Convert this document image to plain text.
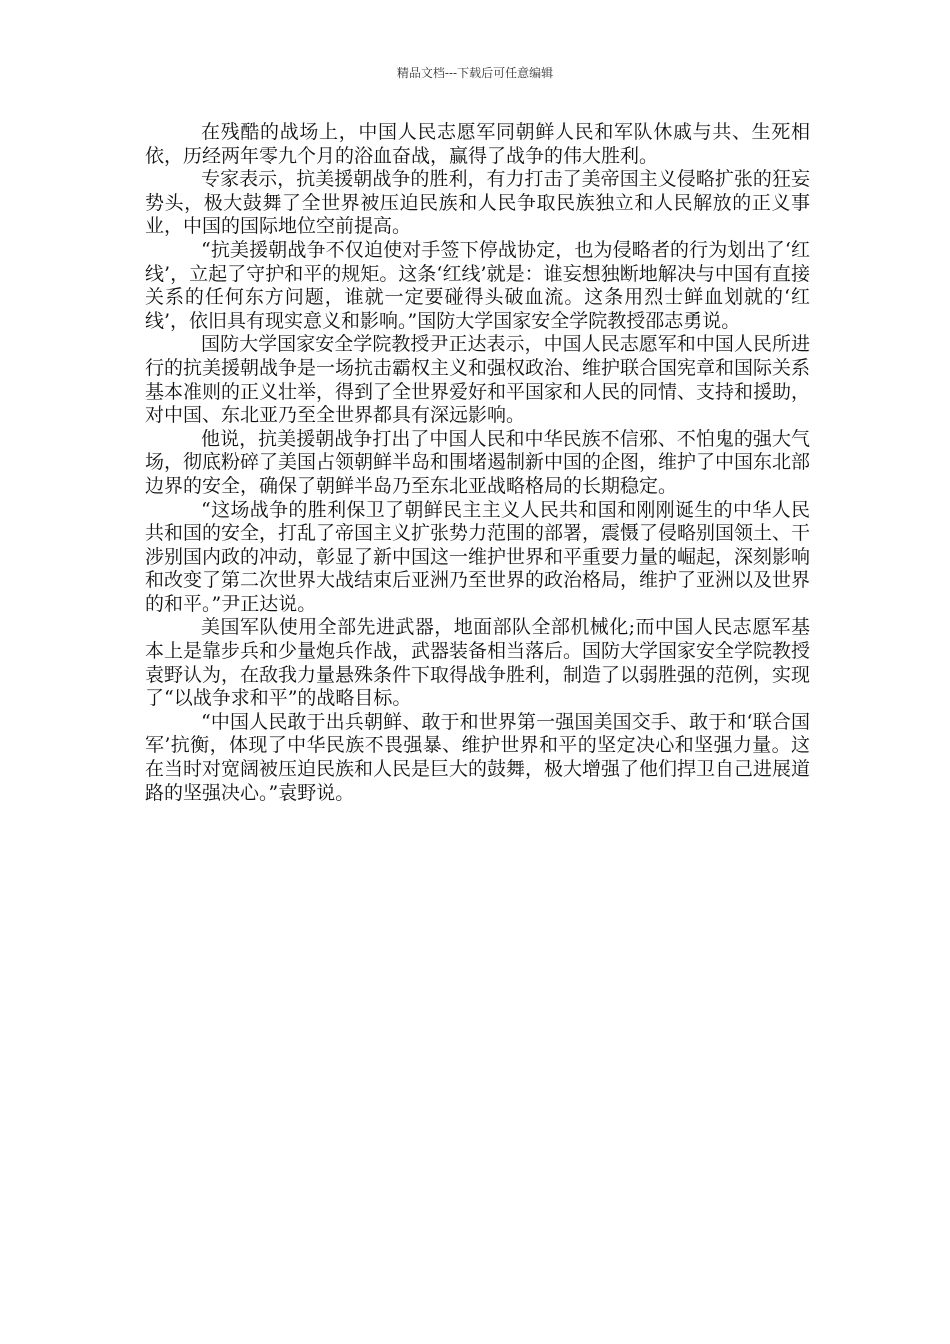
精品文档---下载后可任意编辑

在残酷的战场上，中国人民志愿军同朝鲜人民和军队休戚与共、生死相依，历经两年零九个月的浴血奋战，赢得了战争的伟大胜利。

专家表示，抗美援朝战争的胜利，有力打击了美帝国主义侵略扩张的狂妄势头，极大鼓舞了全世界被压迫民族和人民争取民族独立和人民解放的正义事业，中国的国际地位空前提高。

“抗美援朝战争不仅迫使对手签下停战协定，也为侵略者的行为划出了‘红线’，立起了守护和平的规矩。这条‘红线’就是：谁妄想独断地解决与中国有直接关系的任何东方问题，谁就一定要碰得头破血流。这条用烈士鲜血划就的‘红线’，依旧具有现实意义和影响。”国防大学国家安全学院教授邵志勇说。

国防大学国家安全学院教授尹正达表示，中国人民志愿军和中国人民所进行的抗美援朝战争是一场抗击霸权主义和强权政治、维护联合国宪章和国际关系基本准则的正义壮举，得到了全世界爱好和平国家和人民的同情、支持和援助，对中国、东北亚乃至全世界都具有深远影响。

他说，抗美援朝战争打出了中国人民和中华民族不信邪、不怕鬼的强大气场，彻底粉碎了美国占领朝鲜半岛和围堵遏制新中国的企图，维护了中国东北部边界的安全，确保了朝鲜半岛乃至东北亚战略格局的长期稳定。

“这场战争的胜利保卫了朝鲜民主主义人民共和国和刚刚诞生的中华人民共和国的安全，打乱了帝国主义扩张势力范围的部署，震慑了侵略别国领土、干涉别国内政的冲动，彰显了新中国这一维护世界和平重要力量的崛起，深刻影响和改变了第二次世界大战结束后亚洲乃至世界的政治格局，维护了亚洲以及世界的和平。”尹正达说。

美国军队使用全部先进武器，地面部队全部机械化;而中国人民志愿军基本上是靠步兵和少量炮兵作战，武器装备相当落后。国防大学国家安全学院教授袁野认为，在敌我力量悬殊条件下取得战争胜利，制造了以弱胜强的范例，实现了“以战争求和平”的战略目标。

“中国人民敢于出兵朝鲜、敢于和世界第一强国美国交手、敢于和‘联合国军’抗衡，体现了中华民族不畏强暴、维护世界和平的坚定决心和坚强力量。这在当时对宽阔被压迫民族和人民是巨大的鼓舞，极大增强了他们捍卫自己进展道路的坚强决心。”袁野说。
